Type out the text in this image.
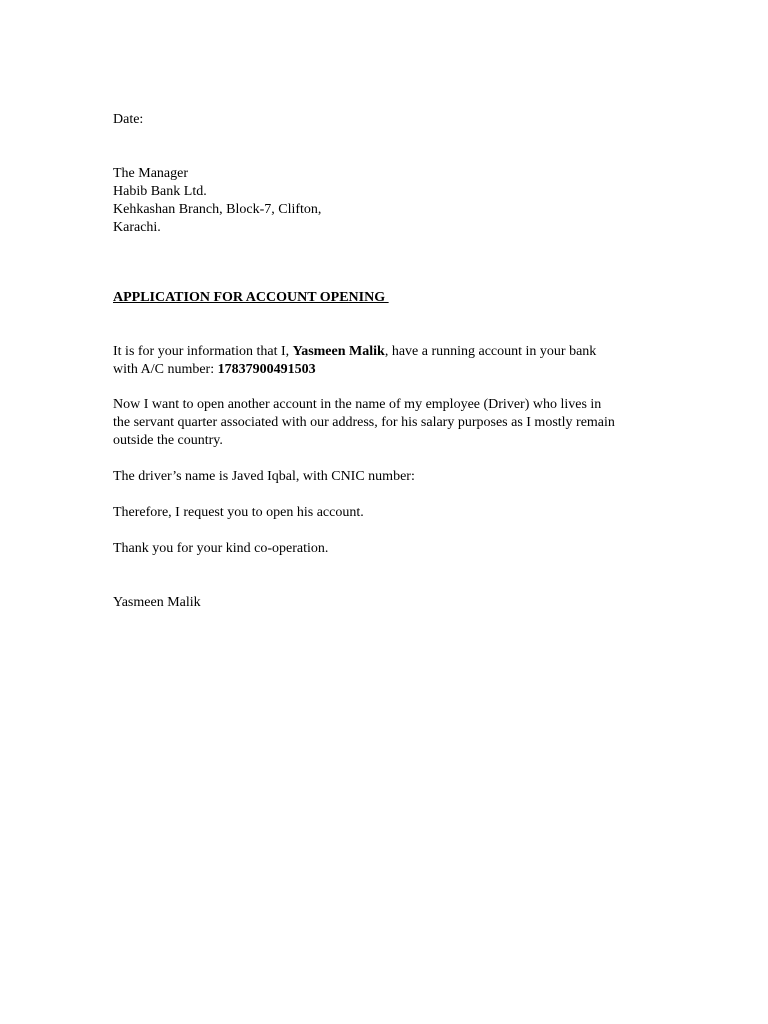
Date:

The Manager
Habib Bank Ltd.
Kehkashan Branch, Block-7, Clifton,
Karachi.

APPLICATION FOR ACCOUNT OPENING

It is for your information that I, Yasmeen Malik, have a running account in your bank
with A/C number: 17837900491503

Now I want to open another account in the name of my employee (Driver) who lives in
the servant quarter associated with our address, for his salary purposes as I mostly remain
outside the country.

The driver’s name is Javed Iqbal, with CNIC number:

Therefore, I request you to open his account.

Thank you for your kind co-operation.

Yasmeen Malik
